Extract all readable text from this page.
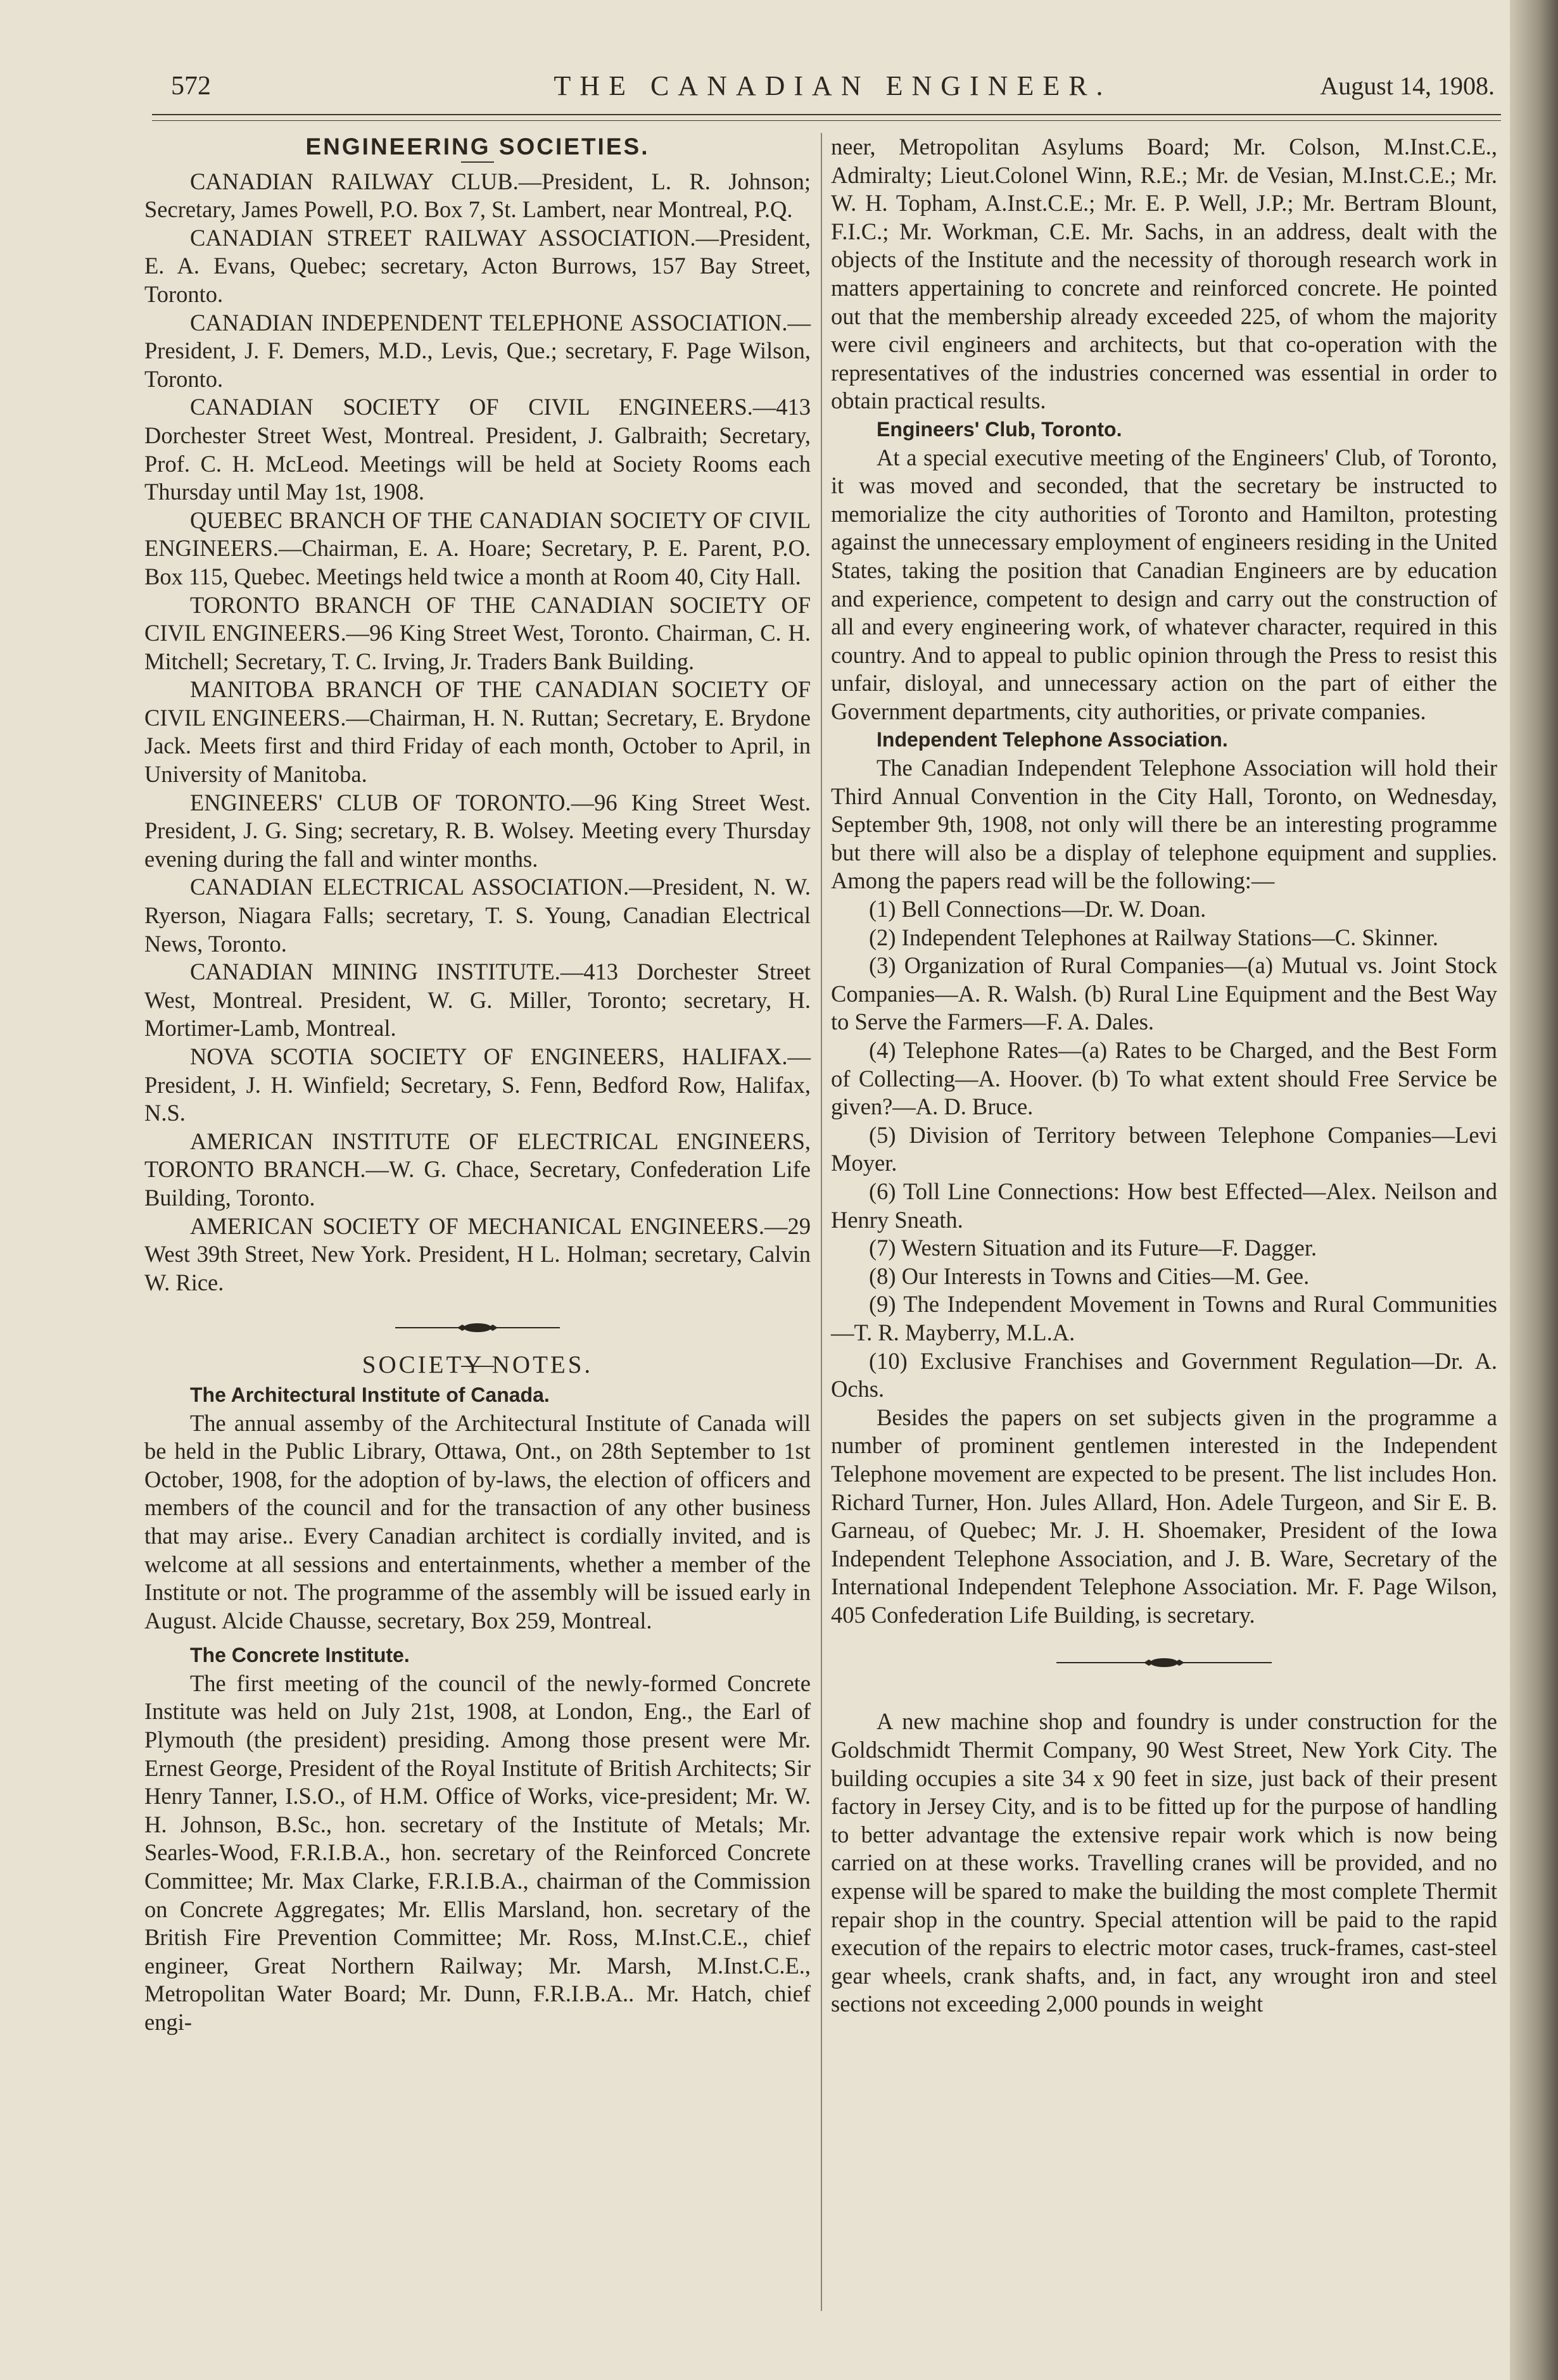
572	THE CANADIAN ENGINEER.	August 14, 1908.

ENGINEERING SOCIETIES.

CANADIAN RAILWAY CLUB.—President, L. R. Johnson; Secretary, James Powell, P.O. Box 7, St. Lambert, near Montreal, P.Q.

CANADIAN STREET RAILWAY ASSOCIATION.—President, E. A. Evans, Quebec; secretary, Acton Burrows, 157 Bay Street, Toronto.

CANADIAN INDEPENDENT TELEPHONE ASSOCIATION.—President, J. F. Demers, M.D., Levis, Que.; secretary, F. Page Wilson, Toronto.

CANADIAN SOCIETY OF CIVIL ENGINEERS.—413 Dorchester Street West, Montreal. President, J. Galbraith; Secretary, Prof. C. H. McLeod. Meetings will be held at Society Rooms each Thursday until May 1st, 1908.

QUEBEC BRANCH OF THE CANADIAN SOCIETY OF CIVIL ENGINEERS.—Chairman, E. A. Hoare; Secretary, P. E. Parent, P.O. Box 115, Quebec. Meetings held twice a month at Room 40, City Hall.

TORONTO BRANCH OF THE CANADIAN SOCIETY OF CIVIL ENGINEERS.—96 King Street West, Toronto. Chairman, C. H. Mitchell; Secretary, T. C. Irving, Jr. Traders Bank Building.

MANITOBA BRANCH OF THE CANADIAN SOCIETY OF CIVIL ENGINEERS.—Chairman, H. N. Ruttan; Secretary, E. Brydone Jack. Meets first and third Friday of each month, October to April, in University of Manitoba.

ENGINEERS' CLUB OF TORONTO.—96 King Street West. President, J. G. Sing; secretary, R. B. Wolsey. Meeting every Thursday evening during the fall and winter months.

CANADIAN ELECTRICAL ASSOCIATION.—President, N. W. Ryerson, Niagara Falls; secretary, T. S. Young, Canadian Electrical News, Toronto.

CANADIAN MINING INSTITUTE.—413 Dorchester Street West, Montreal. President, W. G. Miller, Toronto; secretary, H. Mortimer-Lamb, Montreal.

NOVA SCOTIA SOCIETY OF ENGINEERS, HALIFAX.—President, J. H. Winfield; Secretary, S. Fenn, Bedford Row, Halifax, N.S.

AMERICAN INSTITUTE OF ELECTRICAL ENGINEERS, TORONTO BRANCH.—W. G. Chace, Secretary, Confederation Life Building, Toronto.

AMERICAN SOCIETY OF MECHANICAL ENGINEERS.—29 West 39th Street, New York. President, H L. Holman; secretary, Calvin W. Rice.

SOCIETY NOTES.

The Architectural Institute of Canada.

The annual assemby of the Architectural Institute of Canada will be held in the Public Library, Ottawa, Ont., on 28th September to 1st October, 1908, for the adoption of by-laws, the election of officers and members of the council and for the transaction of any other business that may arise.. Every Canadian architect is cordially invited, and is welcome at all sessions and entertainments, whether a member of the Institute or not. The programme of the assembly will be issued early in August. Alcide Chausse, secretary, Box 259, Montreal.

The Concrete Institute.

The first meeting of the council of the newly-formed Concrete Institute was held on July 21st, 1908, at London, Eng., the Earl of Plymouth (the president) presiding. Among those present were Mr. Ernest George, President of the Royal Institute of British Architects; Sir Henry Tanner, I.S.O., of H.M. Office of Works, vice-president; Mr. W. H. Johnson, B.Sc., hon. secretary of the Institute of Metals; Mr. Searles-Wood, F.R.I.B.A., hon. secretary of the Reinforced Concrete Committee; Mr. Max Clarke, F.R.I.B.A., chairman of the Commission on Concrete Aggregates; Mr. Ellis Marsland, hon. secretary of the British Fire Prevention Committee; Mr. Ross, M.Inst.C.E., chief engineer, Great Northern Railway; Mr. Marsh, M.Inst.C.E., Metropolitan Water Board; Mr. Dunn, F.R.I.B.A.. Mr. Hatch, chief engi-

neer, Metropolitan Asylums Board; Mr. Colson, M.Inst.C.E., Admiralty; Lieut.Colonel Winn, R.E.; Mr. de Vesian, M.Inst.C.E.; Mr. W. H. Topham, A.Inst.C.E.; Mr. E. P. Well, J.P.; Mr. Bertram Blount, F.I.C.; Mr. Workman, C.E. Mr. Sachs, in an address, dealt with the objects of the Institute and the necessity of thorough research work in matters appertaining to concrete and reinforced concrete. He pointed out that the membership already exceeded 225, of whom the majority were civil engineers and architects, but that co-operation with the representatives of the industries concerned was essential in order to obtain practical results.

Engineers' Club, Toronto.

At a special executive meeting of the Engineers' Club, of Toronto, it was moved and seconded, that the secretary be instructed to memorialize the city authorities of Toronto and Hamilton, protesting against the unnecessary employment of engineers residing in the United States, taking the position that Canadian Engineers are by education and experience, competent to design and carry out the construction of all and every engineering work, of whatever character, required in this country. And to appeal to public opinion through the Press to resist this unfair, disloyal, and unnecessary action on the part of either the Government departments, city authorities, or private companies.

Independent Telephone Association.

The Canadian Independent Telephone Association will hold their Third Annual Convention in the City Hall, Toronto, on Wednesday, September 9th, 1908, not only will there be an interesting programme but there will also be a display of telephone equipment and supplies. Among the papers read will be the following:—

(1) Bell Connections—Dr. W. Doan.

(2) Independent Telephones at Railway Stations—C. Skinner.

(3) Organization of Rural Companies—(a) Mutual vs. Joint Stock Companies—A. R. Walsh. (b) Rural Line Equipment and the Best Way to Serve the Farmers—F. A. Dales.

(4) Telephone Rates—(a) Rates to be Charged, and the Best Form of Collecting—A. Hoover. (b) To what extent should Free Service be given?—A. D. Bruce.

(5) Division of Territory between Telephone Companies—Levi Moyer.

(6) Toll Line Connections: How best Effected—Alex. Neilson and Henry Sneath.

(7) Western Situation and its Future—F. Dagger.

(8) Our Interests in Towns and Cities—M. Gee.

(9) The Independent Movement in Towns and Rural Communities—T. R. Mayberry, M.L.A.

(10) Exclusive Franchises and Government Regulation—Dr. A. Ochs.

Besides the papers on set subjects given in the programme a number of prominent gentlemen interested in the Independent Telephone movement are expected to be present. The list includes Hon. Richard Turner, Hon. Jules Allard, Hon. Adele Turgeon, and Sir E. B. Garneau, of Quebec; Mr. J. H. Shoemaker, President of the Iowa Independent Telephone Association, and J. B. Ware, Secretary of the International Independent Telephone Association. Mr. F. Page Wilson, 405 Confederation Life Building, is secretary.

A new machine shop and foundry is under construction for the Goldschmidt Thermit Company, 90 West Street, New York City. The building occupies a site 34 x 90 feet in size, just back of their present factory in Jersey City, and is to be fitted up for the purpose of handling to better advantage the extensive repair work which is now being carried on at these works. Travelling cranes will be provided, and no expense will be spared to make the building the most complete Thermit repair shop in the country. Special attention will be paid to the rapid execution of the repairs to electric motor cases, truck-frames, cast-steel gear wheels, crank shafts, and, in fact, any wrought iron and steel sections not exceeding 2,000 pounds in weight
